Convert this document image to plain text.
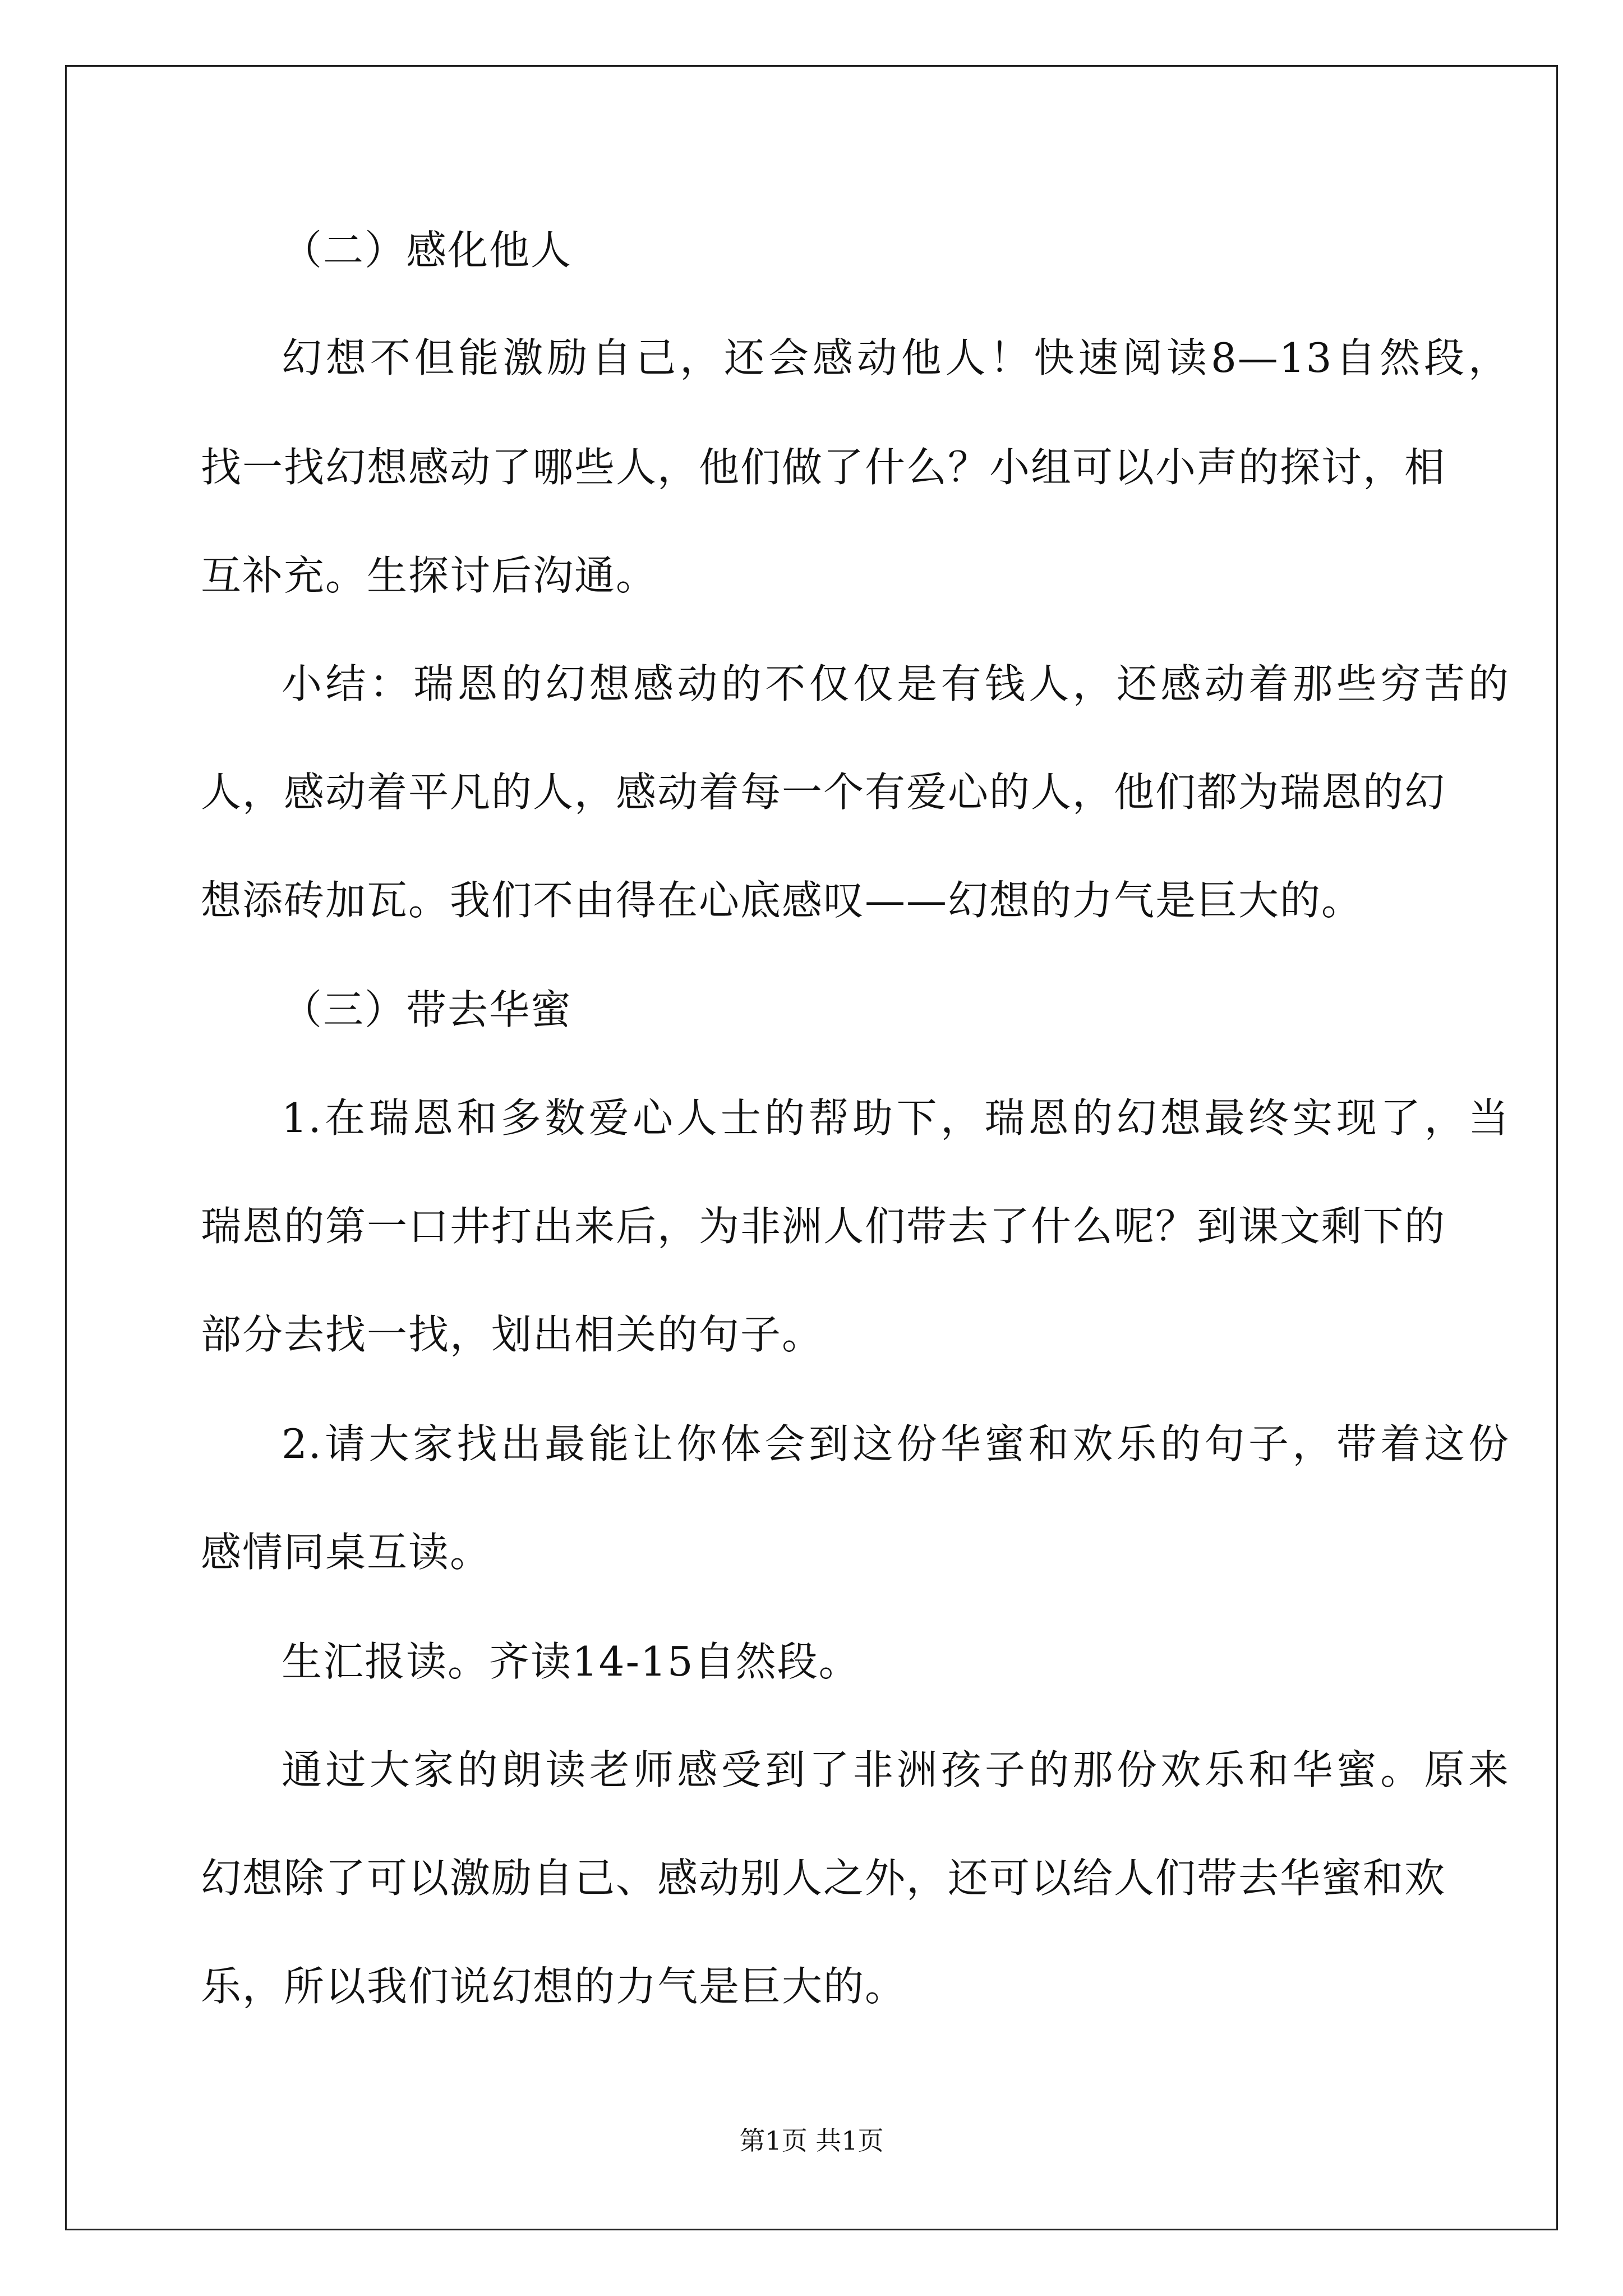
（二）感化他人
幻想不但能激励自己，还会感动他人！快速阅读8—13自然段，
找一找幻想感动了哪些人，他们做了什么？小组可以小声的探讨，相
互补充。生探讨后沟通。
小结：瑞恩的幻想感动的不仅仅是有钱人，还感动着那些穷苦的
人，感动着平凡的人，感动着每一个有爱心的人，他们都为瑞恩的幻
想添砖加瓦。我们不由得在心底感叹——幻想的力气是巨大的。
（三）带去华蜜
1.在瑞恩和多数爱心人士的帮助下，瑞恩的幻想最终实现了，当
瑞恩的第一口井打出来后，为非洲人们带去了什么呢？到课文剩下的
部分去找一找，划出相关的句子。
2.请大家找出最能让你体会到这份华蜜和欢乐的句子，带着这份
感情同桌互读。
生汇报读。齐读14-15自然段。
通过大家的朗读老师感受到了非洲孩子的那份欢乐和华蜜。原来
幻想除了可以激励自己、感动别人之外，还可以给人们带去华蜜和欢
乐，所以我们说幻想的力气是巨大的。
第1页 共1页
